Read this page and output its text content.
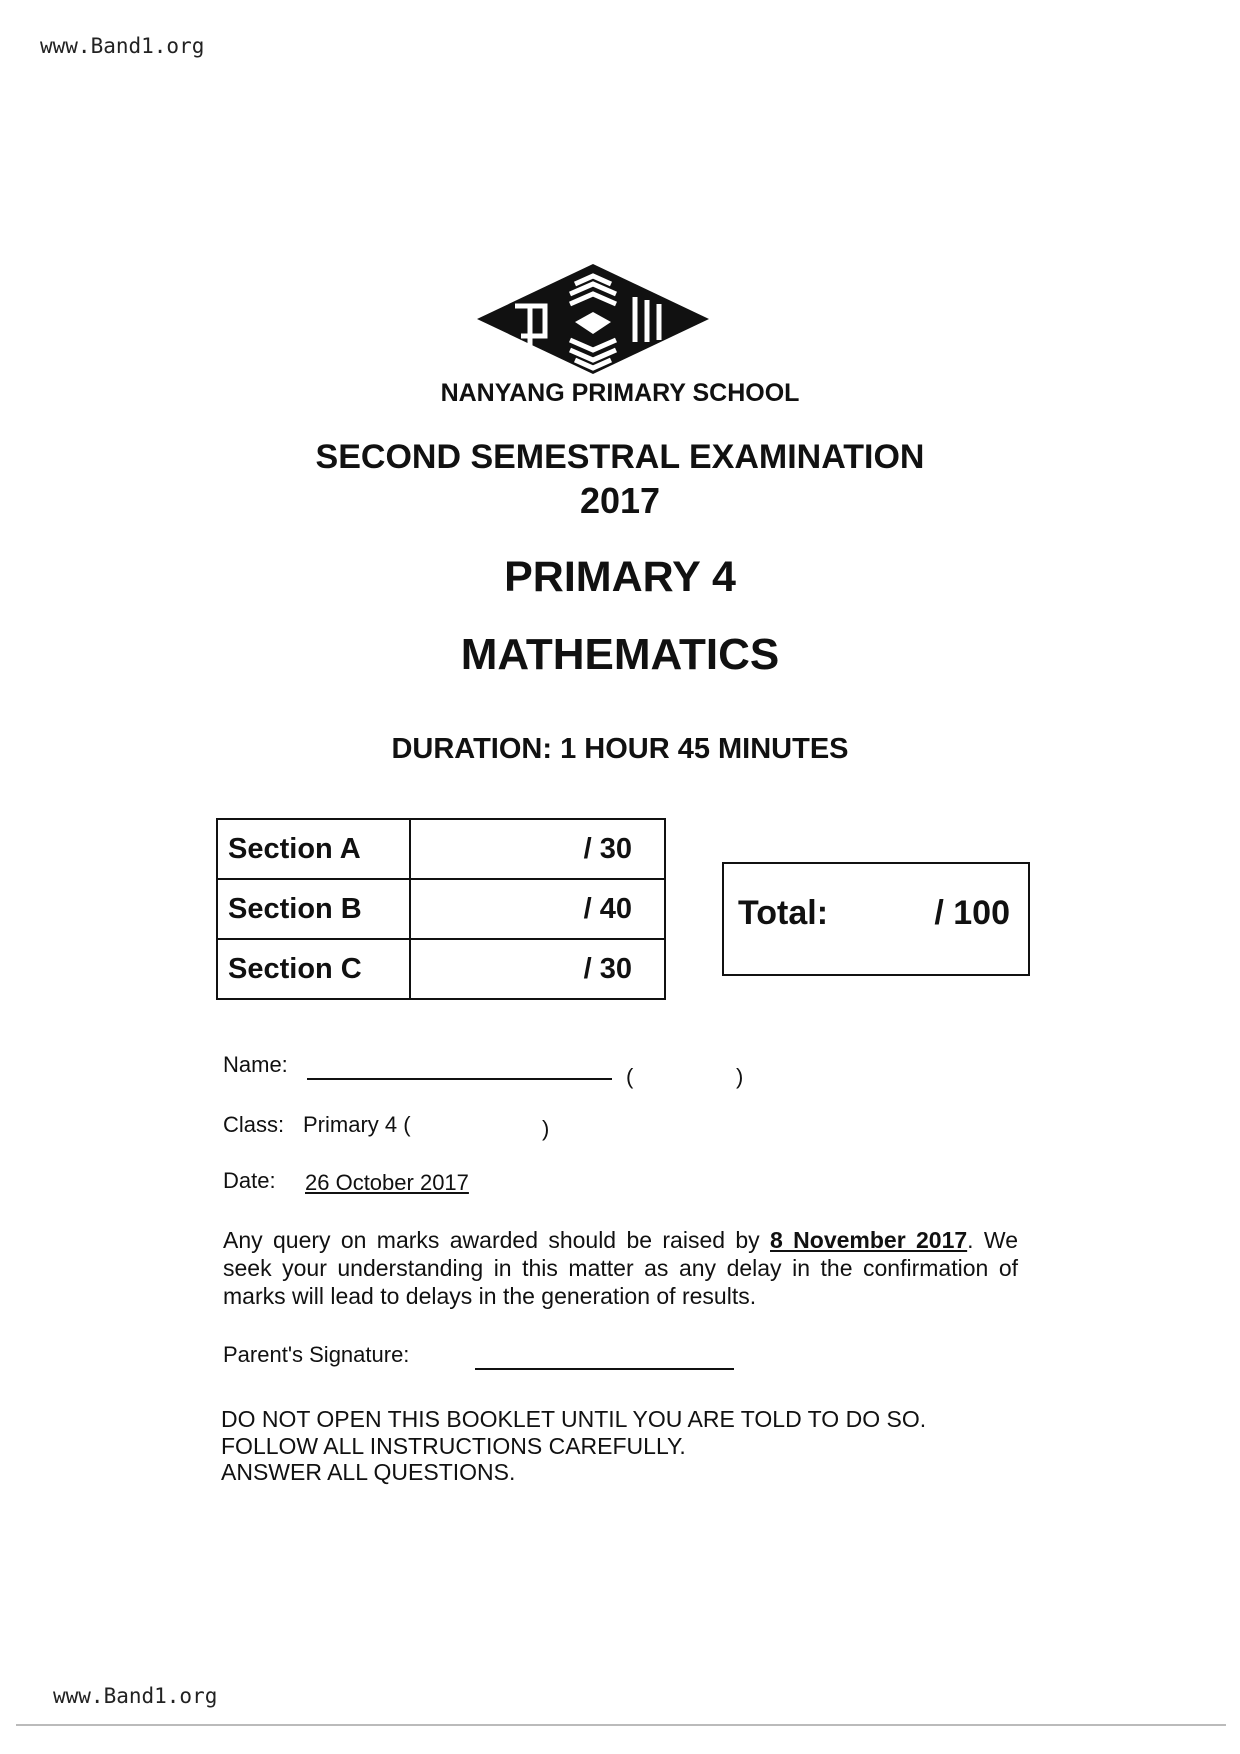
www.Band1.org
NANYANG PRIMARY SCHOOL
SECOND SEMESTRAL EXAMINATION
2017
PRIMARY 4
MATHEMATICS
DURATION: 1 HOUR 45 MINUTES
Section A	/ 30
Section B	/ 40
Section C	/ 30
Total:	/ 100
Name:	(	)
Class: Primary 4 (	)
Date: 26 October 2017
Any query on marks awarded should be raised by 8 November 2017. We seek your understanding in this matter as any delay in the confirmation of marks will lead to delays in the generation of results.
Parent's Signature:
DO NOT OPEN THIS BOOKLET UNTIL YOU ARE TOLD TO DO SO.
FOLLOW ALL INSTRUCTIONS CAREFULLY.
ANSWER ALL QUESTIONS.
www.Band1.org
